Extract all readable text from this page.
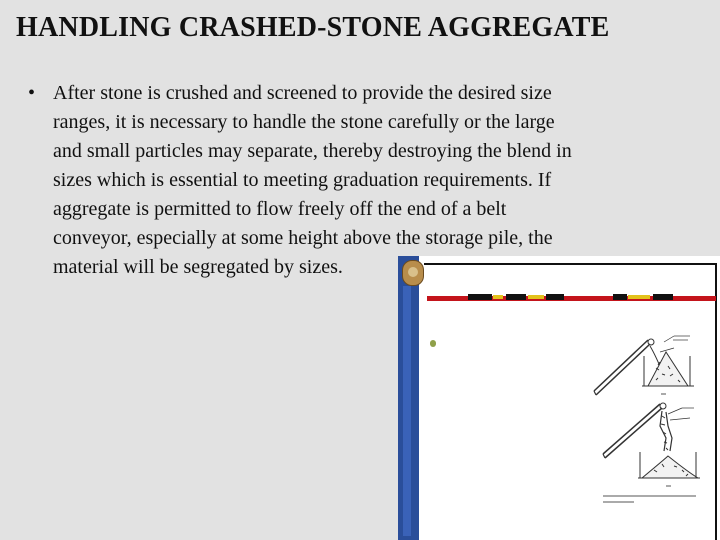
HANDLING CRASHED-STONE AGGREGATE
• After stone is crushed and screened to provide the desired size
ranges, it is necessary to handle the stone carefully or the large
and small particles may separate, thereby destroying the blend in
sizes which is essential to meeting graduation requirements. If
aggregate is permitted to flow freely off the end of a belt
conveyor, especially at some height above the storage pile, the
material will be segregated by sizes.
